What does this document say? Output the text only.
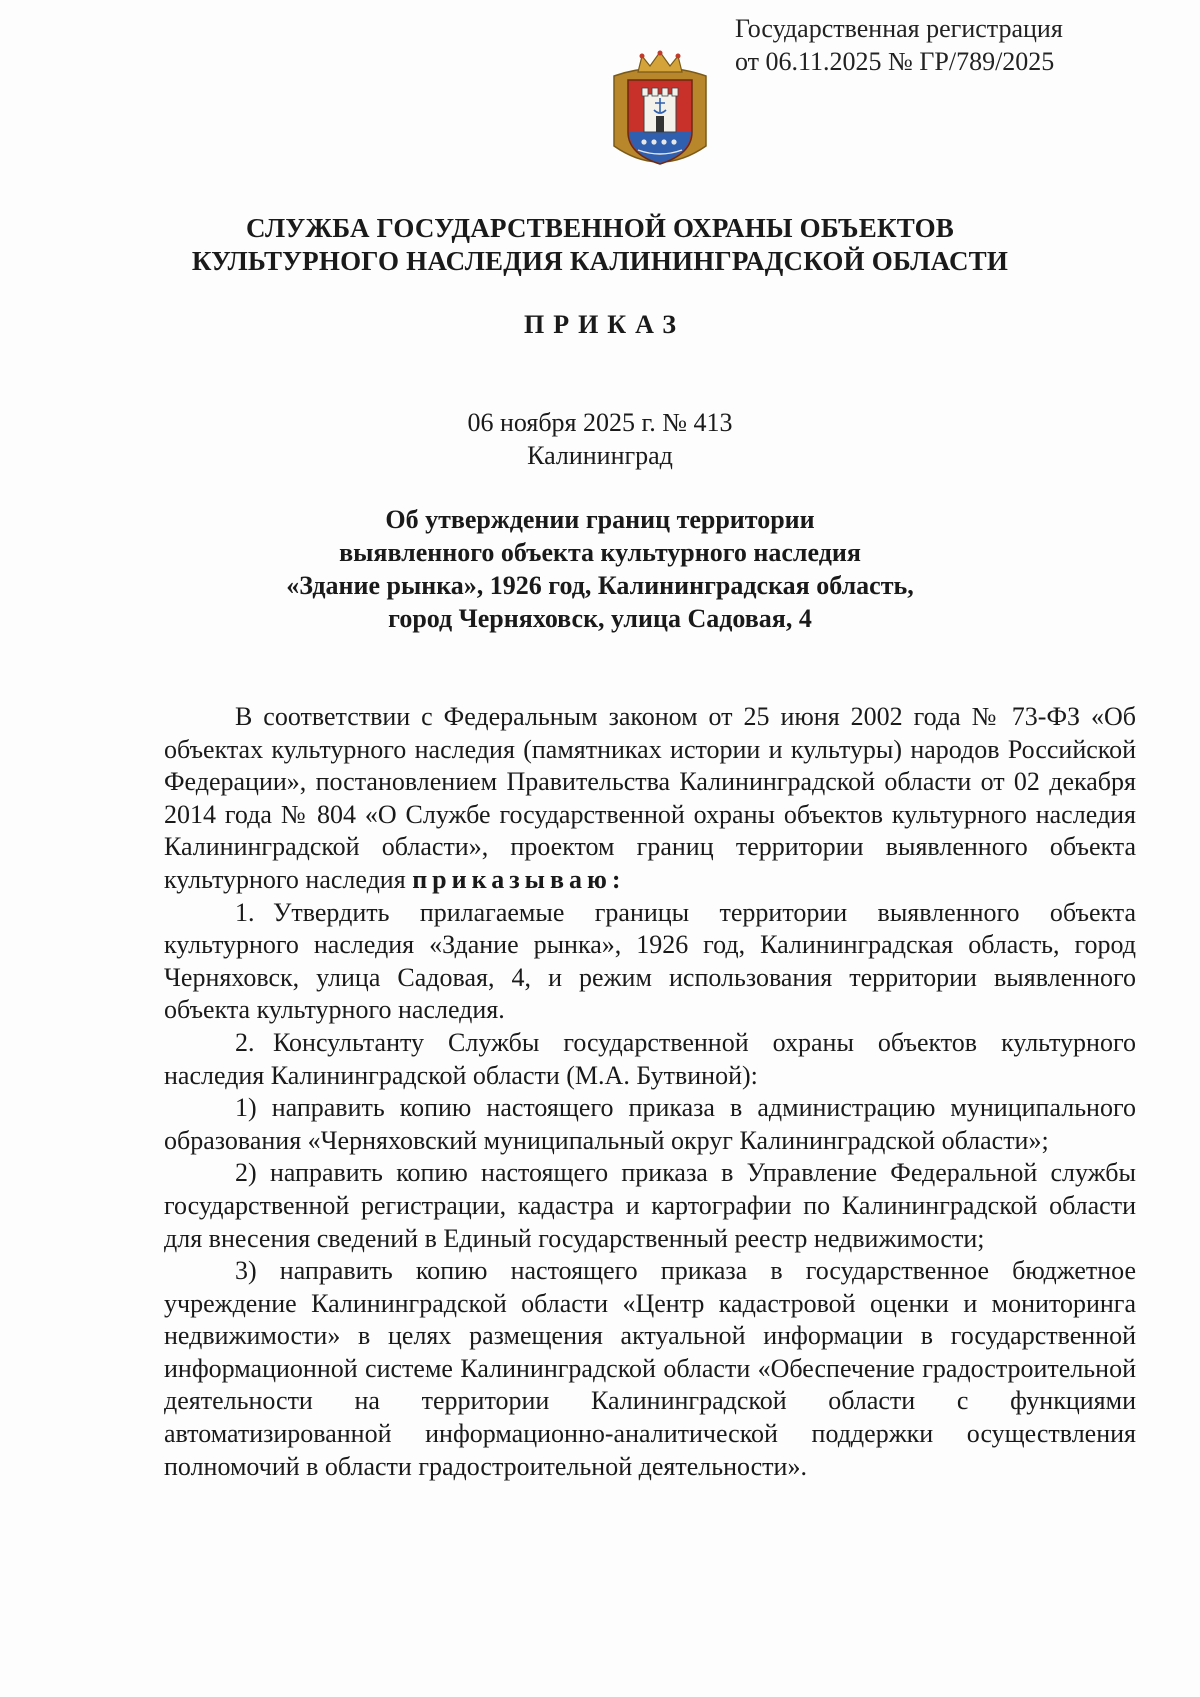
Государственная регистрация
от 06.11.2025 № ГР/789/2025
СЛУЖБА ГОСУДАРСТВЕННОЙ ОХРАНЫ ОБЪЕКТОВ
КУЛЬТУРНОГО НАСЛЕДИЯ КАЛИНИНГРАДСКОЙ ОБЛАСТИ
ПРИКАЗ
06 ноября 2025 г. № 413
Калининград
Об утверждении границ территории
выявленного объекта культурного наследия
«Здание рынка», 1926 год, Калининградская область,
город Черняховск, улица Садовая, 4

В соответствии с Федеральным законом от 25 июня 2002 года № 73-ФЗ «Об объектах культурного наследия (памятниках истории и культуры) народов Российской Федерации», постановлением Правительства Калининградской области от 02 декабря 2014 года № 804 «О Службе государственной охраны объектов культурного наследия Калининградской области», проектом границ территории выявленного объекта культурного наследия приказываю:

1. Утвердить прилагаемые границы территории выявленного объекта культурного наследия «Здание рынка», 1926 год, Калининградская область, город Черняховск, улица Садовая, 4, и режим использования территории выявленного объекта культурного наследия.

2. Консультанту Службы государственной охраны объектов культурного наследия Калининградской области (М.А. Бутвиной):

1) направить копию настоящего приказа в администрацию муниципального образования «Черняховский муниципальный округ Калининградской области»;

2) направить копию настоящего приказа в Управление Федеральной службы государственной регистрации, кадастра и картографии по Калининградской области для внесения сведений в Единый государственный реестр недвижимости;

3) направить копию настоящего приказа в государственное бюджетное учреждение Калининградской области «Центр кадастровой оценки и мониторинга недвижимости» в целях размещения актуальной информации в государственной информационной системе Калининградской области «Обеспечение градостроительной деятельности на территории Калининградской области с функциями автоматизированной информационно-аналитической поддержки осуществления полномочий в области градостроительной деятельности».
